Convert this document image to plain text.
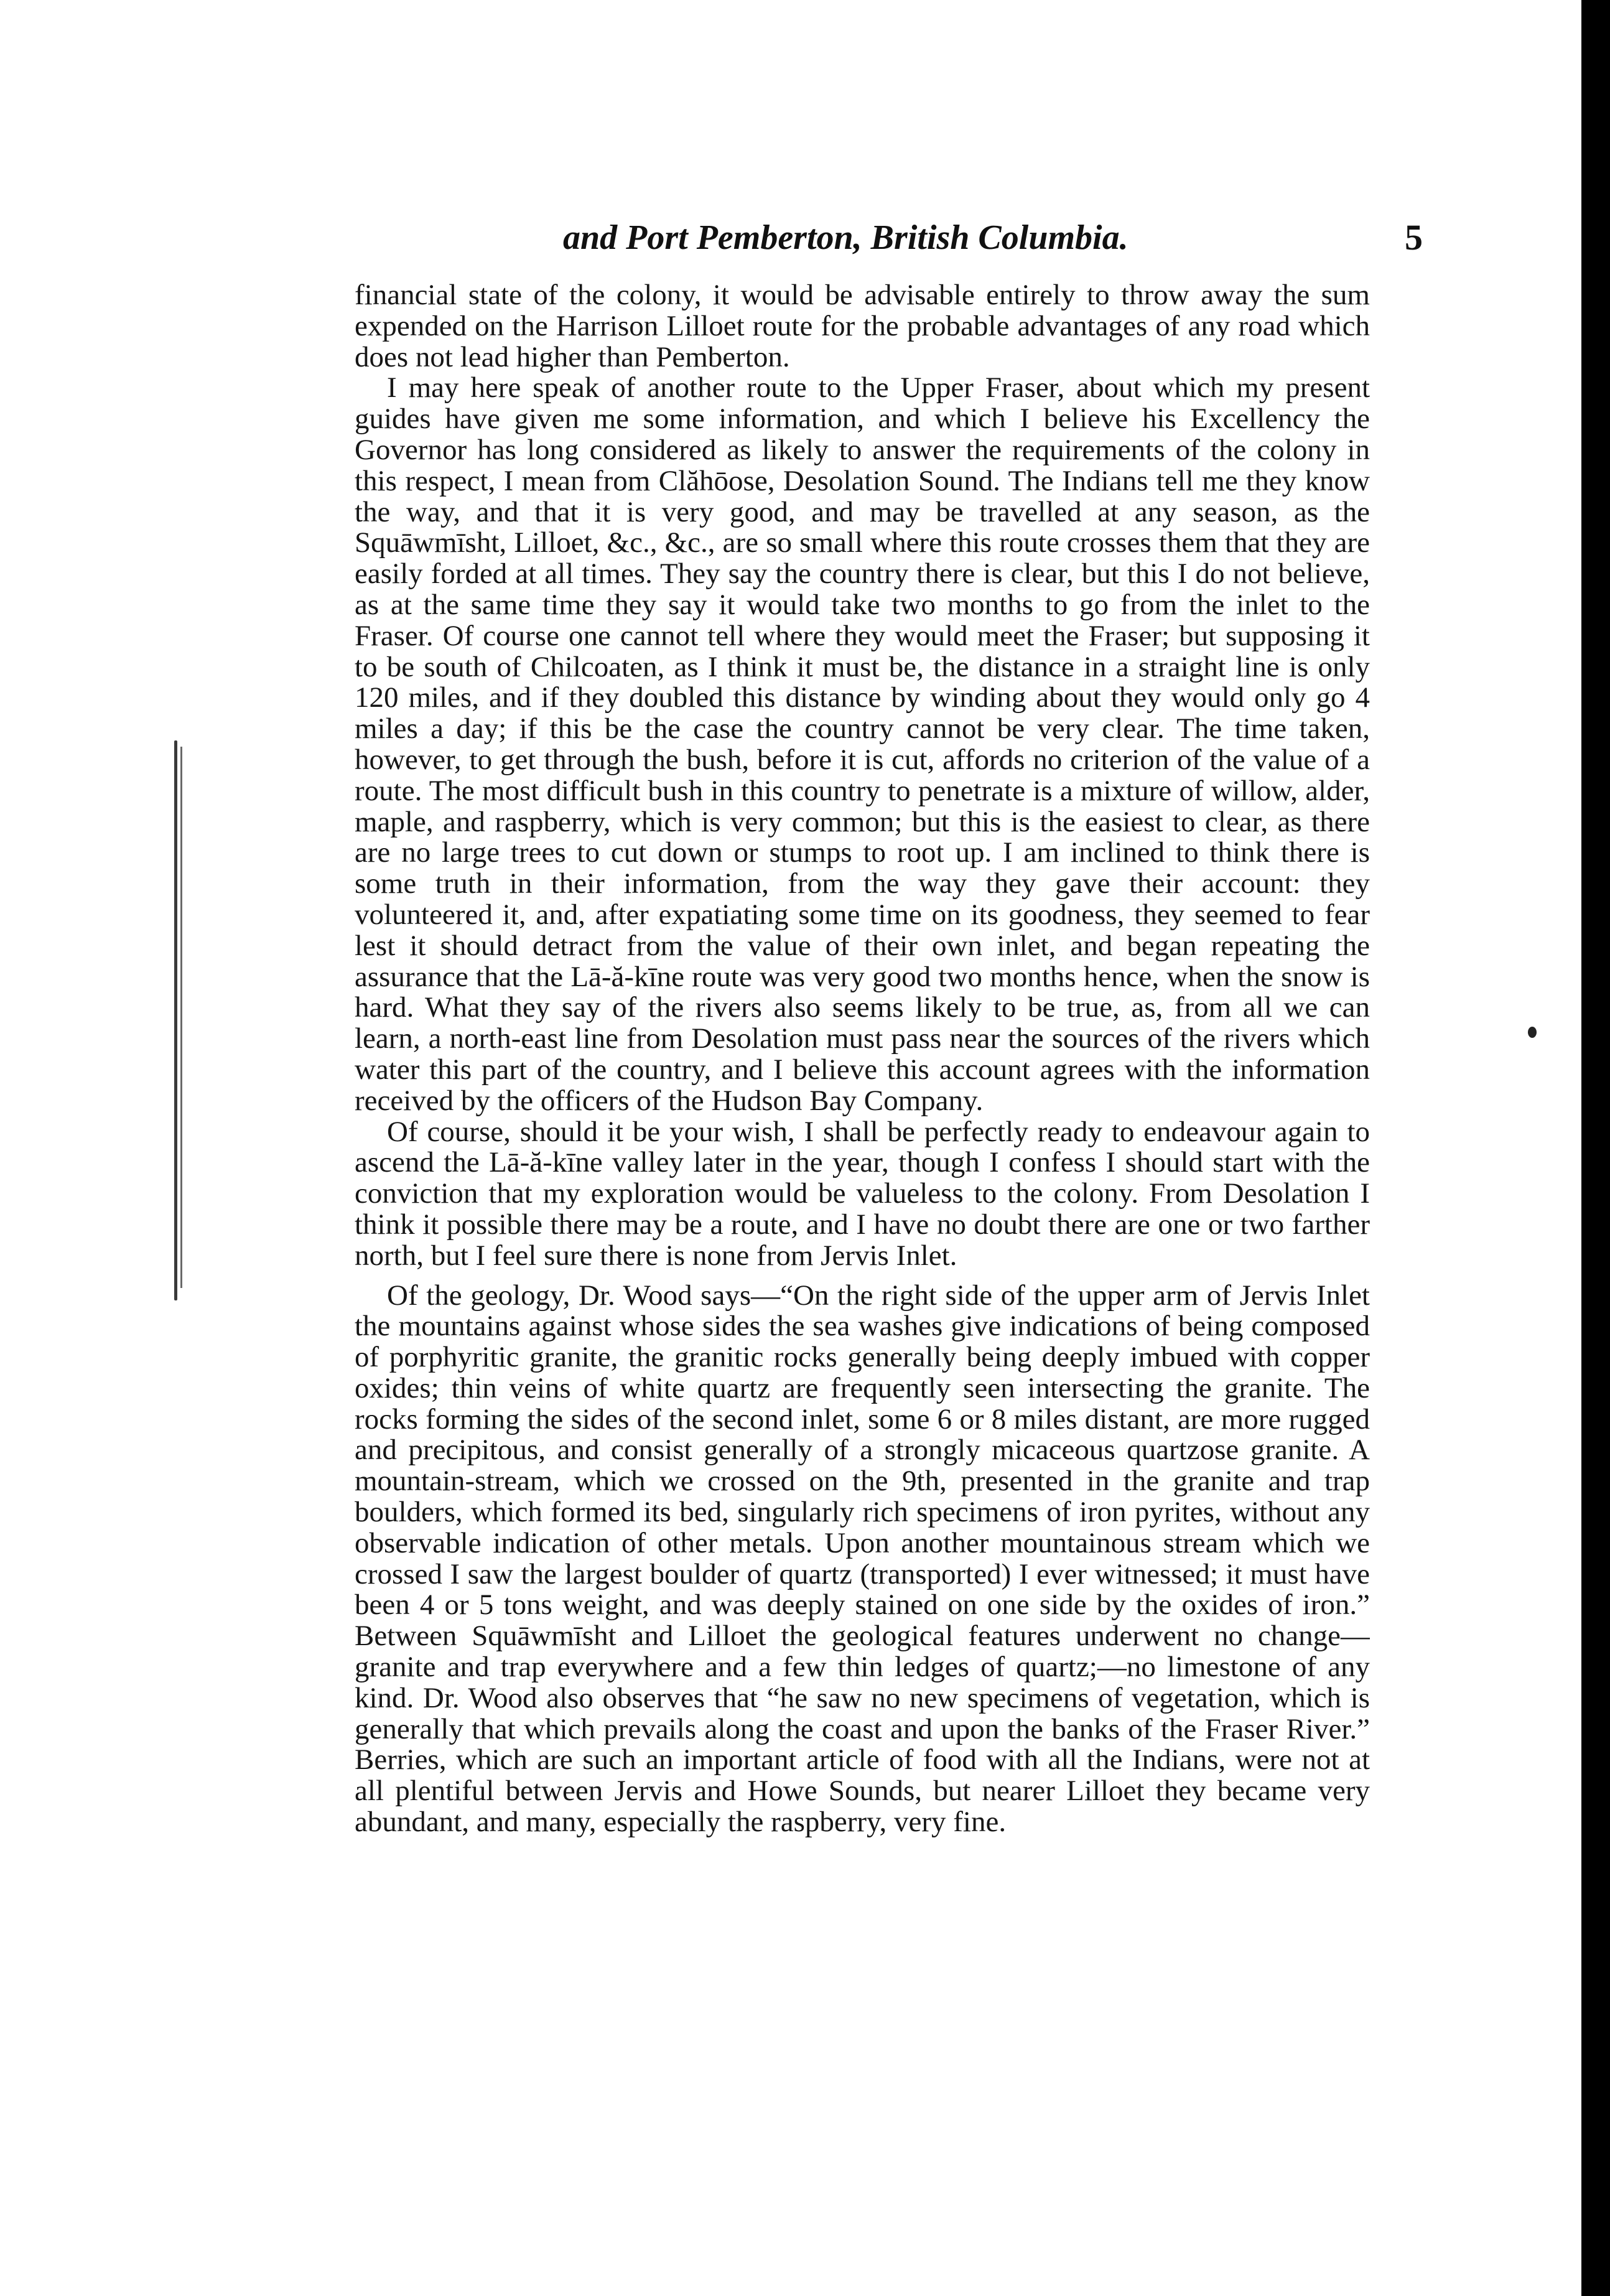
and Port Pemberton, British Columbia.	5

financial state of the colony, it would be advisable entirely to throw away the sum expended on the Harrison Lilloet route for the probable advantages of any road which does not lead higher than Pemberton.

I may here speak of another route to the Upper Fraser, about which my present guides have given me some information, and which I believe his Excellency the Governor has long considered as likely to answer the requirements of the colony in this respect, I mean from Clăhōose, Desolation Sound. The Indians tell me they know the way, and that it is very good, and may be travelled at any season, as the Squāwmīsht, Lilloet, &c., &c., are so small where this route crosses them that they are easily forded at all times. They say the country there is clear, but this I do not believe, as at the same time they say it would take two months to go from the inlet to the Fraser. Of course one cannot tell where they would meet the Fraser; but supposing it to be south of Chilcoaten, as I think it must be, the distance in a straight line is only 120 miles, and if they doubled this distance by winding about they would only go 4 miles a day; if this be the case the country cannot be very clear. The time taken, however, to get through the bush, before it is cut, affords no criterion of the value of a route. The most difficult bush in this country to penetrate is a mixture of willow, alder, maple, and raspberry, which is very common; but this is the easiest to clear, as there are no large trees to cut down or stumps to root up. I am inclined to think there is some truth in their information, from the way they gave their account: they volunteered it, and, after expatiating some time on its goodness, they seemed to fear lest it should detract from the value of their own inlet, and began repeating the assurance that the Lā-ă-kīne route was very good two months hence, when the snow is hard. What they say of the rivers also seems likely to be true, as, from all we can learn, a north-east line from Desolation must pass near the sources of the rivers which water this part of the country, and I believe this account agrees with the information received by the officers of the Hudson Bay Company.

Of course, should it be your wish, I shall be perfectly ready to endeavour again to ascend the Lā-ă-kīne valley later in the year, though I confess I should start with the conviction that my exploration would be valueless to the colony. From Desolation I think it possible there may be a route, and I have no doubt there are one or two farther north, but I feel sure there is none from Jervis Inlet.

Of the geology, Dr. Wood says—“On the right side of the upper arm of Jervis Inlet the mountains against whose sides the sea washes give indications of being composed of porphyritic granite, the granitic rocks generally being deeply imbued with copper oxides; thin veins of white quartz are frequently seen intersecting the granite. The rocks forming the sides of the second inlet, some 6 or 8 miles distant, are more rugged and precipitous, and consist generally of a strongly micaceous quartzose granite. A mountain-stream, which we crossed on the 9th, presented in the granite and trap boulders, which formed its bed, singularly rich specimens of iron pyrites, without any observable indication of other metals. Upon another mountainous stream which we crossed I saw the largest boulder of quartz (transported) I ever witnessed; it must have been 4 or 5 tons weight, and was deeply stained on one side by the oxides of iron.” Between Squāwmīsht and Lilloet the geological features underwent no change—granite and trap everywhere and a few thin ledges of quartz;—no limestone of any kind. Dr. Wood also observes that “he saw no new specimens of vegetation, which is generally that which prevails along the coast and upon the banks of the Fraser River.” Berries, which are such an important article of food with all the Indians, were not at all plentiful between Jervis and Howe Sounds, but nearer Lilloet they became very abundant, and many, especially the raspberry, very fine.
